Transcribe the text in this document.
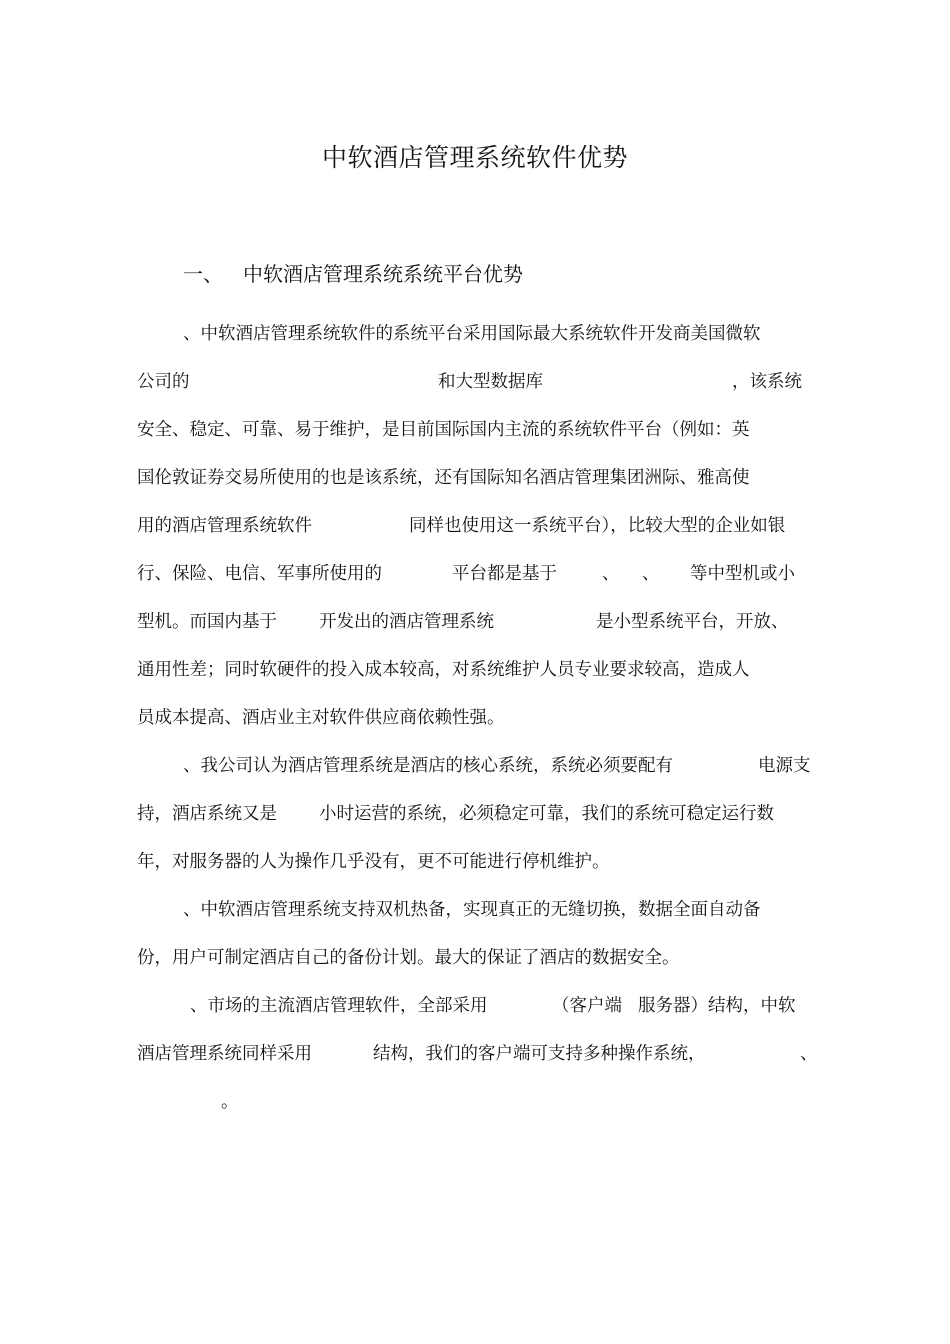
中软酒店管理系统软件优势
一、 中软酒店管理系统系统平台优势
、中软酒店管理系统软件的系统平台采用国际最大系统软件开发商美国微软
公司的	和大型数据库	，该系统
安全、稳定、可靠、易于维护，是目前国际国内主流的系统软件平台（例如：英
国伦敦证券交易所使用的也是该系统，还有国际知名酒店管理集团洲际、雅高使
用的酒店管理系统软件	同样也使用这一系统平台），比较大型的企业如银
行、保险、电信、军事所使用的	平台都是基于	、 、 等中型机或小
型机。而国内基于 开发出的酒店管理系统	是小型系统平台，开放、
通用性差；同时软硬件的投入成本较高，对系统维护人员专业要求较高，造成人
员成本提高、酒店业主对软件供应商依赖性强。
、我公司认为酒店管理系统是酒店的核心系统，系统必须要配有	电源支
持，酒店系统又是 小时运营的系统，必须稳定可靠，我们的系统可稳定运行数
年，对服务器的人为操作几乎没有，更不可能进行停机维护。
、中软酒店管理系统支持双机热备，实现真正的无缝切换，数据全面自动备
份，用户可制定酒店自己的备份计划。最大的保证了酒店的数据安全。
、市场的主流酒店管理软件，全部采用	（客户端 服务器）结构，中软
酒店管理系统同样采用	结构，我们的客户端可支持多种操作系统，	、
。
